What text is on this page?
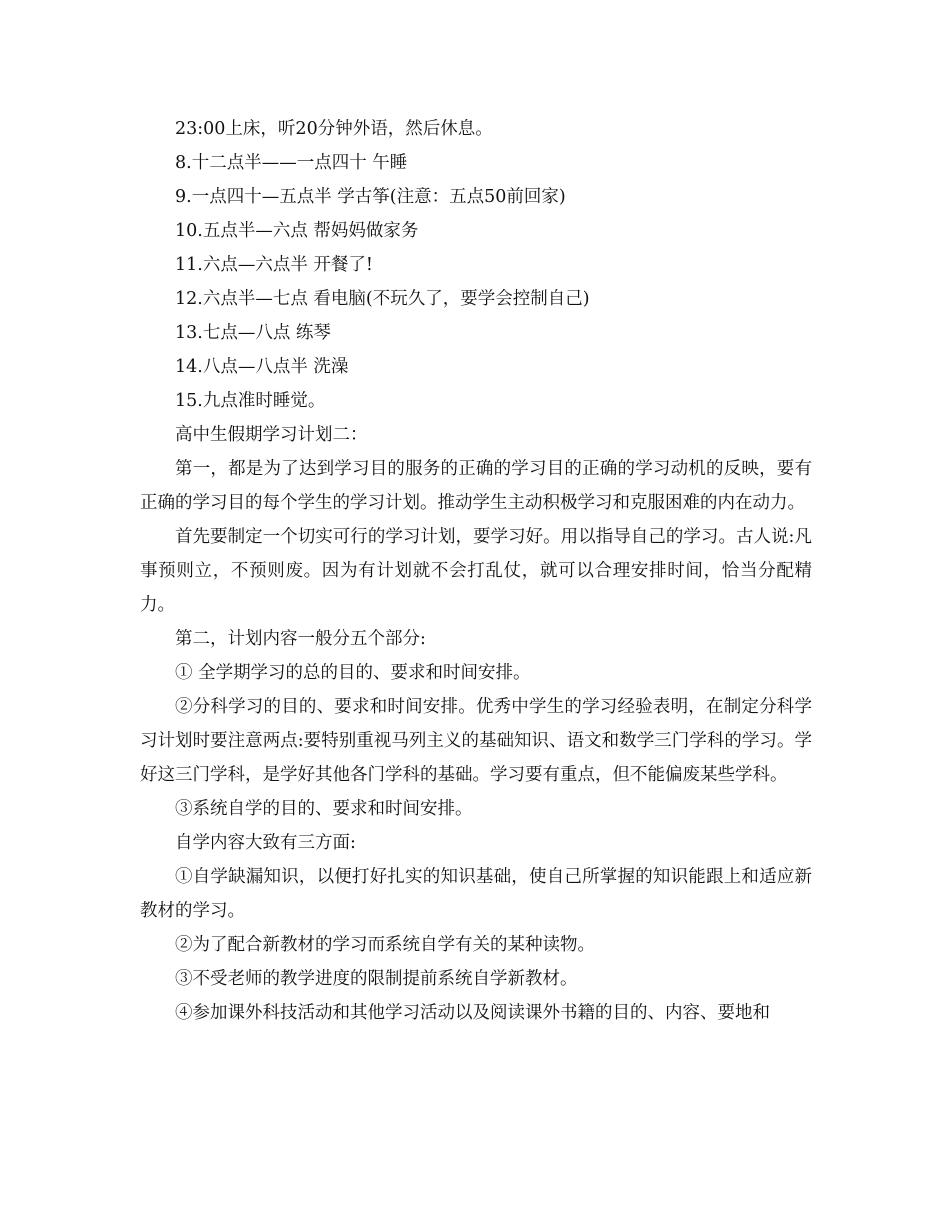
23:00上床，听20分钟外语，然后休息。

8.十二点半——一点四十 午睡

9.一点四十—五点半 学古筝(注意：五点50前回家)

10.五点半—六点 帮妈妈做家务

11.六点—六点半 开餐了!

12.六点半—七点 看电脑(不玩久了，要学会控制自己)

13.七点—八点 练琴

14.八点—八点半 洗澡

15.九点准时睡觉。

高中生假期学习计划二：

第一，都是为了达到学习目的服务的正确的学习目的正确的学习动机的反映，要有正确的学习目的每个学生的学习计划。推动学生主动积极学习和克服困难的内在动力。

首先要制定一个切实可行的学习计划，要学习好。用以指导自己的学习。古人说:凡事预则立，不预则废。因为有计划就不会打乱仗，就可以合理安排时间，恰当分配精力。

第二，计划内容一般分五个部分:

① 全学期学习的总的目的、要求和时间安排。

②分科学习的目的、要求和时间安排。优秀中学生的学习经验表明，在制定分科学习计划时要注意两点:要特别重视马列主义的基础知识、语文和数学三门学科的学习。学好这三门学科，是学好其他各门学科的基础。学习要有重点，但不能偏废某些学科。

③系统自学的目的、要求和时间安排。

自学内容大致有三方面:

①自学缺漏知识，以便打好扎实的知识基础，使自己所掌握的知识能跟上和适应新教材的学习。

②为了配合新教材的学习而系统自学有关的某种读物。

③不受老师的教学进度的限制提前系统自学新教材。

④参加课外科技活动和其他学习活动以及阅读课外书籍的目的、内容、要地和
